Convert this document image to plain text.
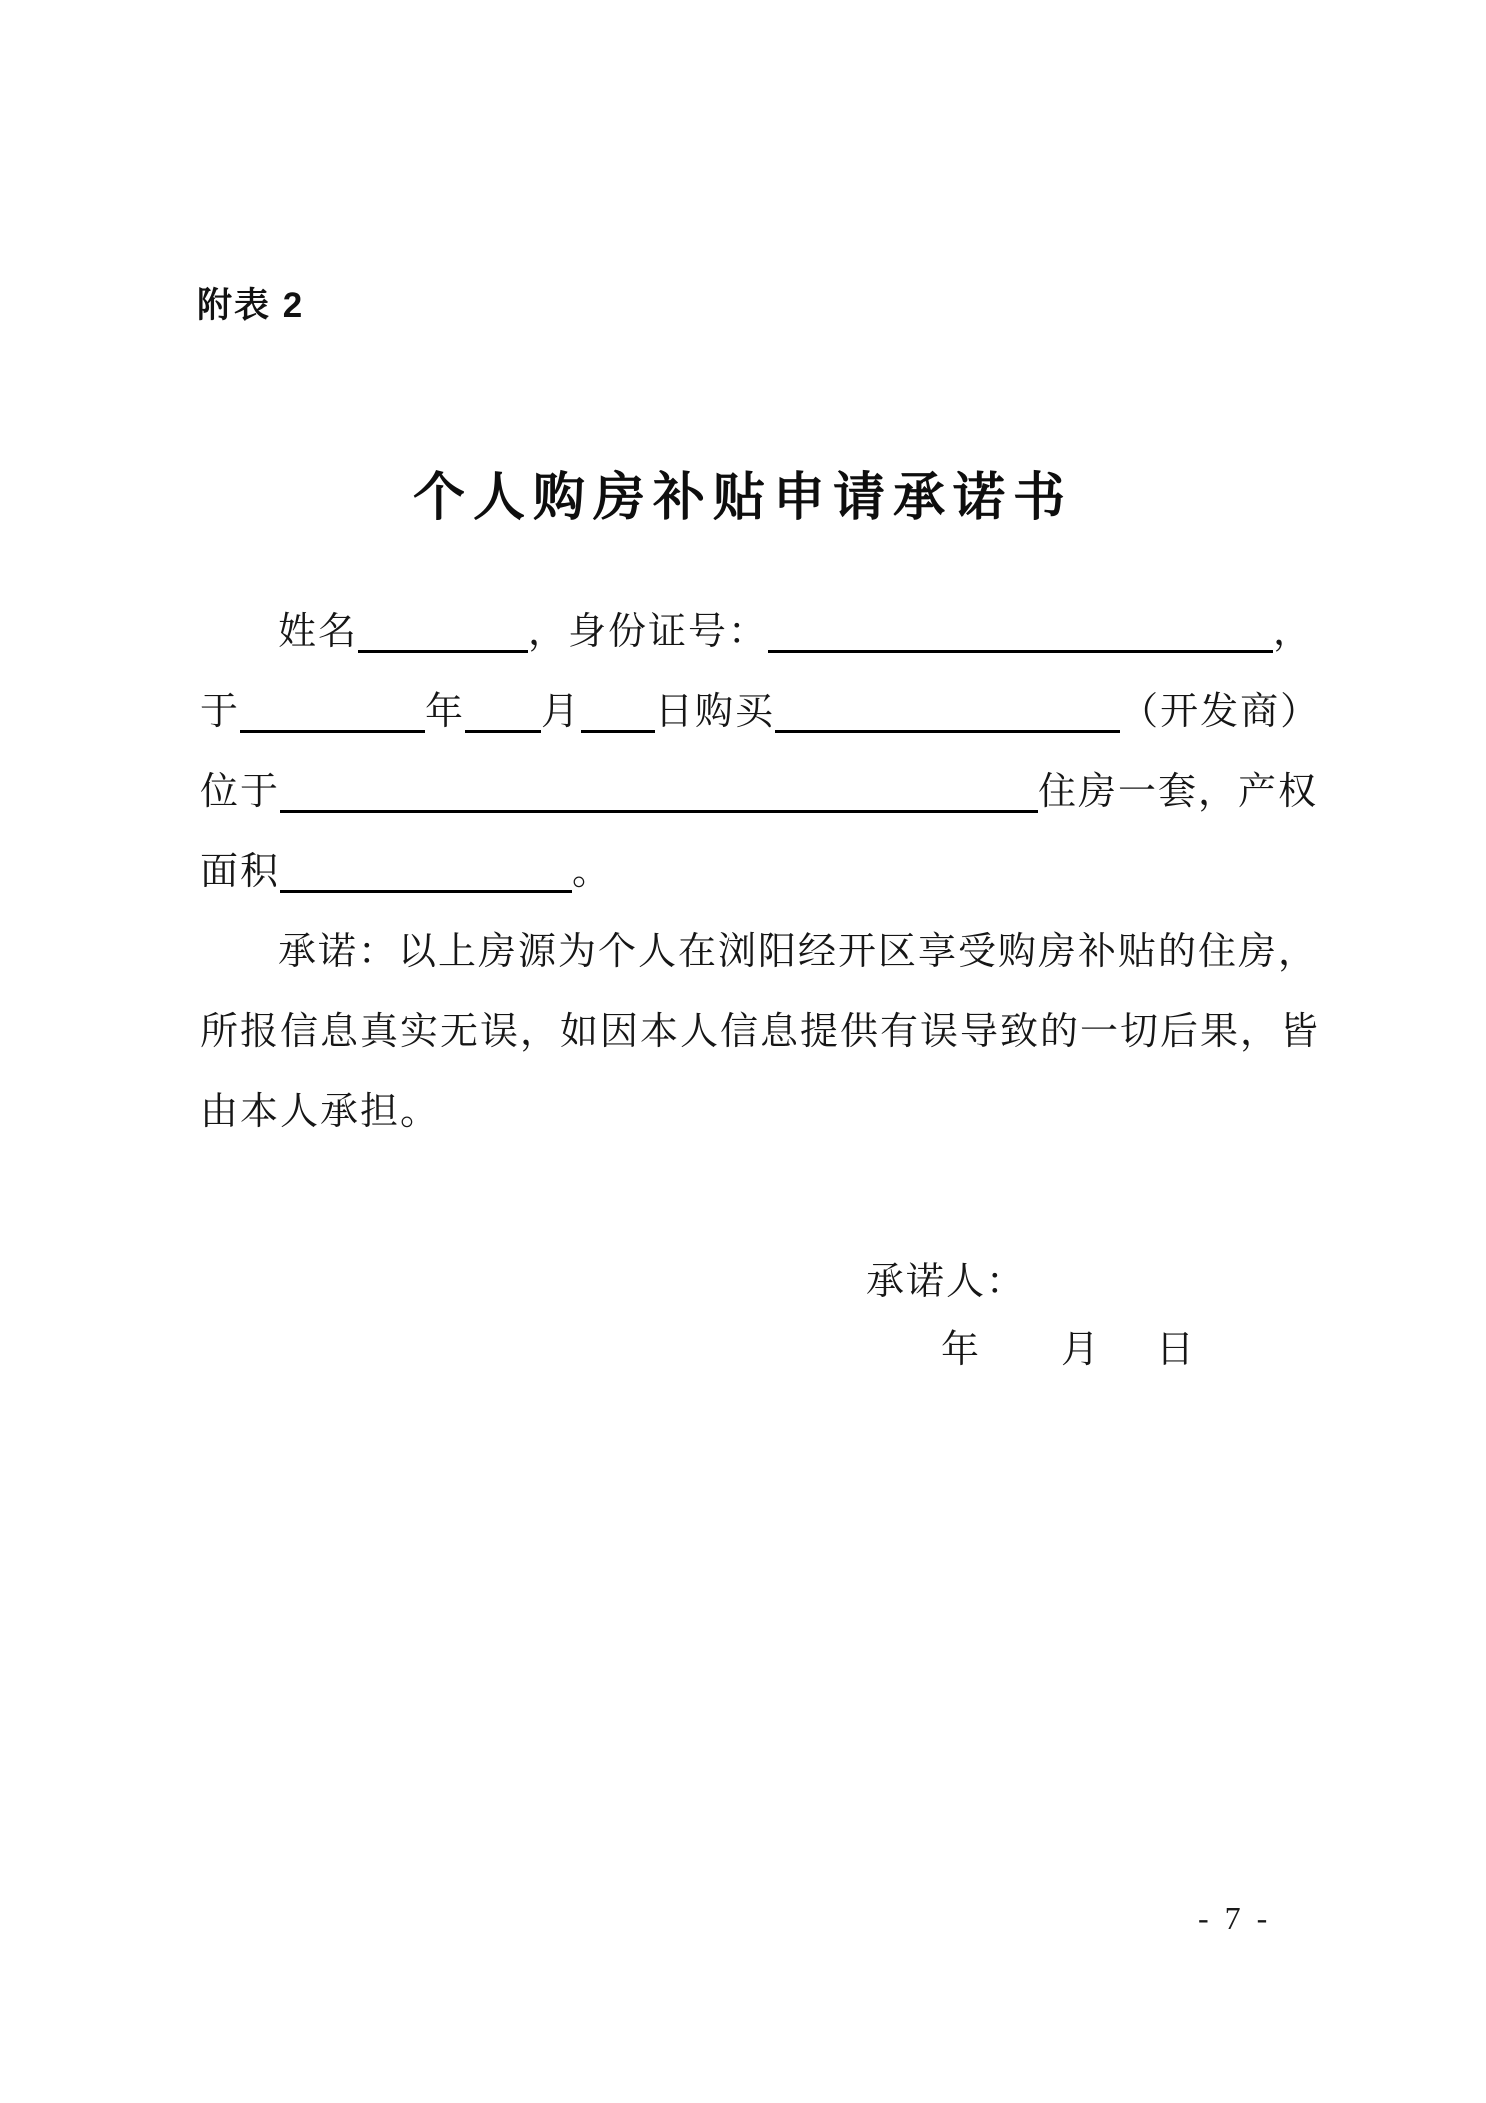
附表 2
个人购房补贴申请承诺书
姓名	，身份证号：	，
于	年 月 日购买	（开发商）
位于	住房一套，产权
面积	。
承诺：以上房源为个人在浏阳经开区享受购房补贴的住房，
所报信息真实无误，如因本人信息提供有误导致的一切后果，皆
由本人承担。
承诺人：
年 月 日
- 7 -
